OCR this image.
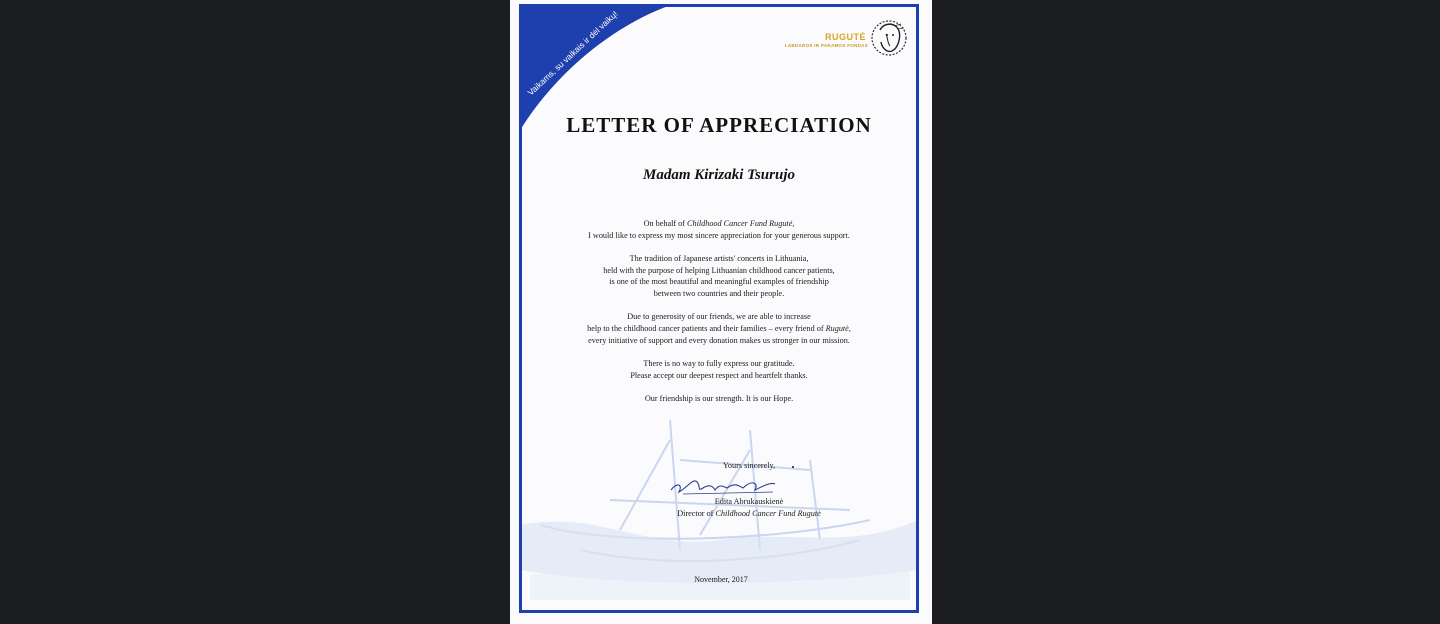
Vaikams, su vaikais ir dėl vaikų!	RUGUTĖ
LABDAROS IR PARAMOS FONDAS
LETTER OF APPRECIATION
Madam Kirizaki Tsurujo

On behalf of Childhood Cancer Fund Rugutė,
I would like to express my most sincere appreciation for your generous support.

The tradition of Japanese artists' concerts in Lithuania,
held with the purpose of helping Lithuanian childhood cancer patients,
is one of the most beautiful and meaningful examples of friendship
between two countries and their people.

Due to generosity of our friends, we are able to increase
help to the childhood cancer patients and their families – every friend of Rugutė,
every initiative of support and every donation makes us stronger in our mission.

There is no way to fully express our gratitude.
Please accept our deepest respect and heartfelt thanks.

Our friendship is our strength. It is our Hope.

Yours sincerely,
Edita Abrukauskienė
Director of Childhood Cancer Fund Rugutė
November, 2017
